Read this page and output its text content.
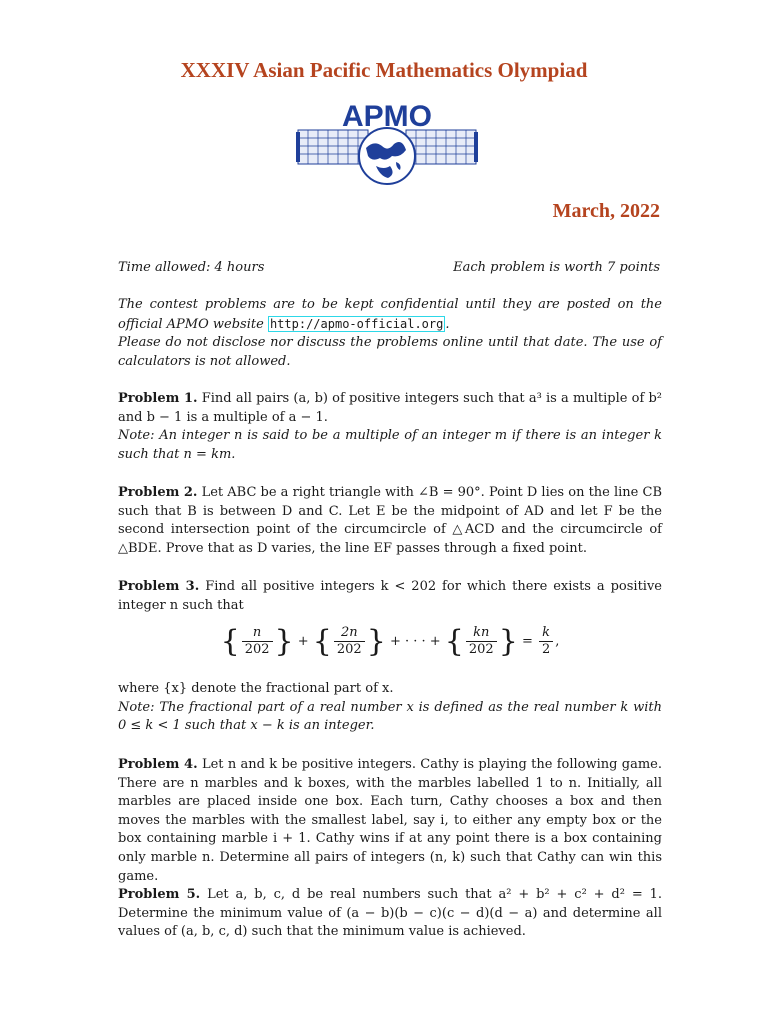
XXXIV Asian Pacific Mathematics Olympiad
APMO
March, 2022
Time allowed: 4 hours	Each problem is worth 7 points
The contest problems are to be kept confidential until they are posted on the official APMO website http://apmo-official.org .
Please do not disclose nor discuss the problems online until that date. The use of calculators is not allowed.
Problem 1. Find all pairs (a, b) of positive integers such that a³ is a multiple of b² and b − 1 is a multiple of a − 1.
Note: An integer n is said to be a multiple of an integer m if there is an integer k such that n = km.
Problem 2. Let ABC be a right triangle with ∠B = 90°. Point D lies on the line CB such that B is between D and C. Let E be the midpoint of AD and let F be the second intersection point of the circumcircle of △ACD and the circumcircle of △BDE. Prove that as D varies, the line EF passes through a fixed point.
Problem 3. Find all positive integers k < 202 for which there exists a positive integer n such that
{ $\frac{n}{202}$ } + { $\frac{2n}{202}$ } + · · · + { $\frac{kn}{202}$ } = $\frac{k}{2}$ ,
where {x} denote the fractional part of x.
Note: The fractional part of a real number x is defined as the real number k with 0 ≤ k < 1 such that x − k is an integer.
Problem 4. Let n and k be positive integers. Cathy is playing the following game. There are n marbles and k boxes, with the marbles labelled 1 to n. Initially, all marbles are placed inside one box. Each turn, Cathy chooses a box and then moves the marbles with the smallest label, say i, to either any empty box or the box containing marble i + 1. Cathy wins if at any point there is a box containing only marble n. Determine all pairs of integers (n, k) such that Cathy can win this game.
Problem 5. Let a, b, c, d be real numbers such that a² + b² + c² + d² = 1. Determine the minimum value of (a − b)(b − c)(c − d)(d − a) and determine all values of (a, b, c, d) such that the minimum value is achieved.
